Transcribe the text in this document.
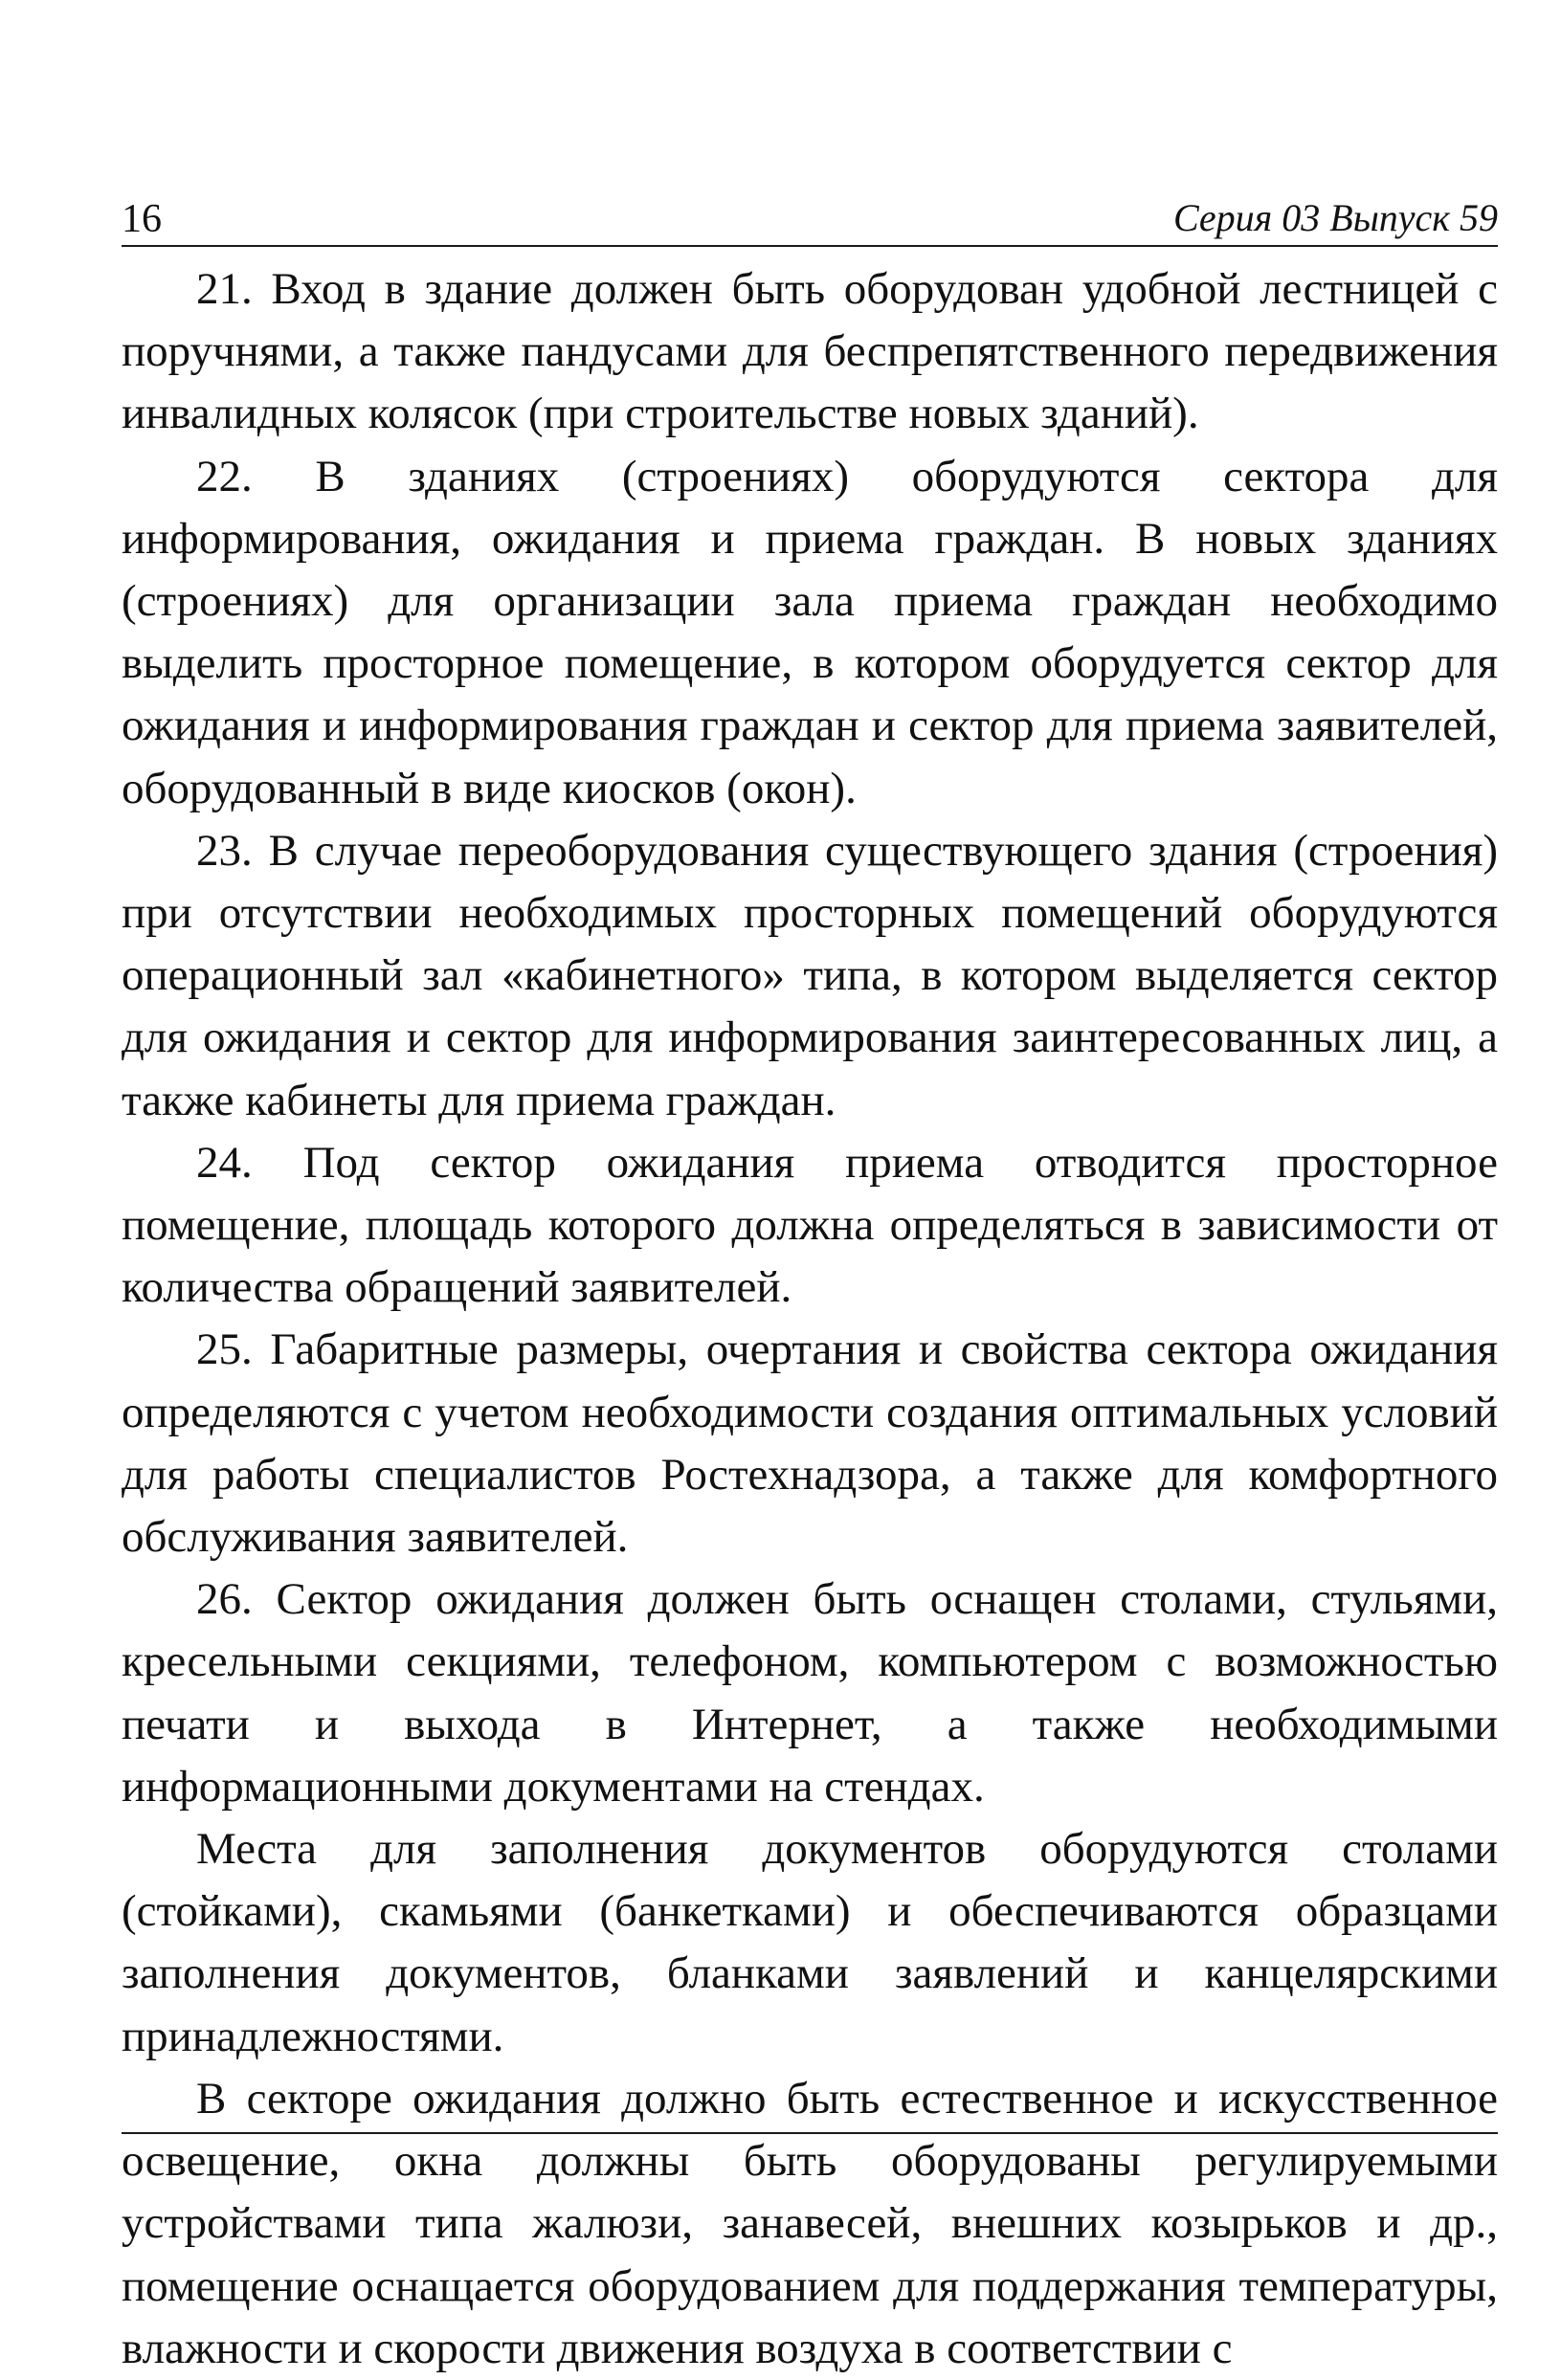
16	Серия 03 Выпуск 59

21. Вход в здание должен быть оборудован удобной лестницей с поручнями, а также пандусами для беспрепятственного передвижения инвалидных колясок (при строительстве новых зданий).

22. В зданиях (строениях) оборудуются сектора для информирования, ожидания и приема граждан. В новых зданиях (строениях) для организации зала приема граждан необходимо выделить просторное помещение, в котором оборудуется сектор для ожидания и информирования граждан и сектор для приема заявителей, оборудованный в виде киосков (окон).

23. В случае переоборудования существующего здания (строения) при отсутствии необходимых просторных помещений оборудуются операционный зал «кабинетного» типа, в котором выделяется сектор для ожидания и сектор для информирования заинтересованных лиц, а также кабинеты для приема граждан.

24. Под сектор ожидания приема отводится просторное помещение, площадь которого должна определяться в зависимости от количества обращений заявителей.

25. Габаритные размеры, очертания и свойства сектора ожидания определяются с учетом необходимости создания оптимальных условий для работы специалистов Ростехнадзора, а также для комфортного обслуживания заявителей.

26. Сектор ожидания должен быть оснащен столами, стульями, кресельными секциями, телефоном, компьютером с возможностью печати и выхода в Интернет, а также необходимыми информационными документами на стендах.

Места для заполнения документов оборудуются столами (стойками), скамьями (банкетками) и обеспечиваются образцами заполнения документов, бланками заявлений и канцелярскими принадлежностями.

В секторе ожидания должно быть естественное и искусственное освещение, окна должны быть оборудованы регулируемыми устройствами типа жалюзи, занавесей, внешних козырьков и др., помещение оснащается оборудованием для поддержания температуры, влажности и скорости движения воздуха в соответствии с
